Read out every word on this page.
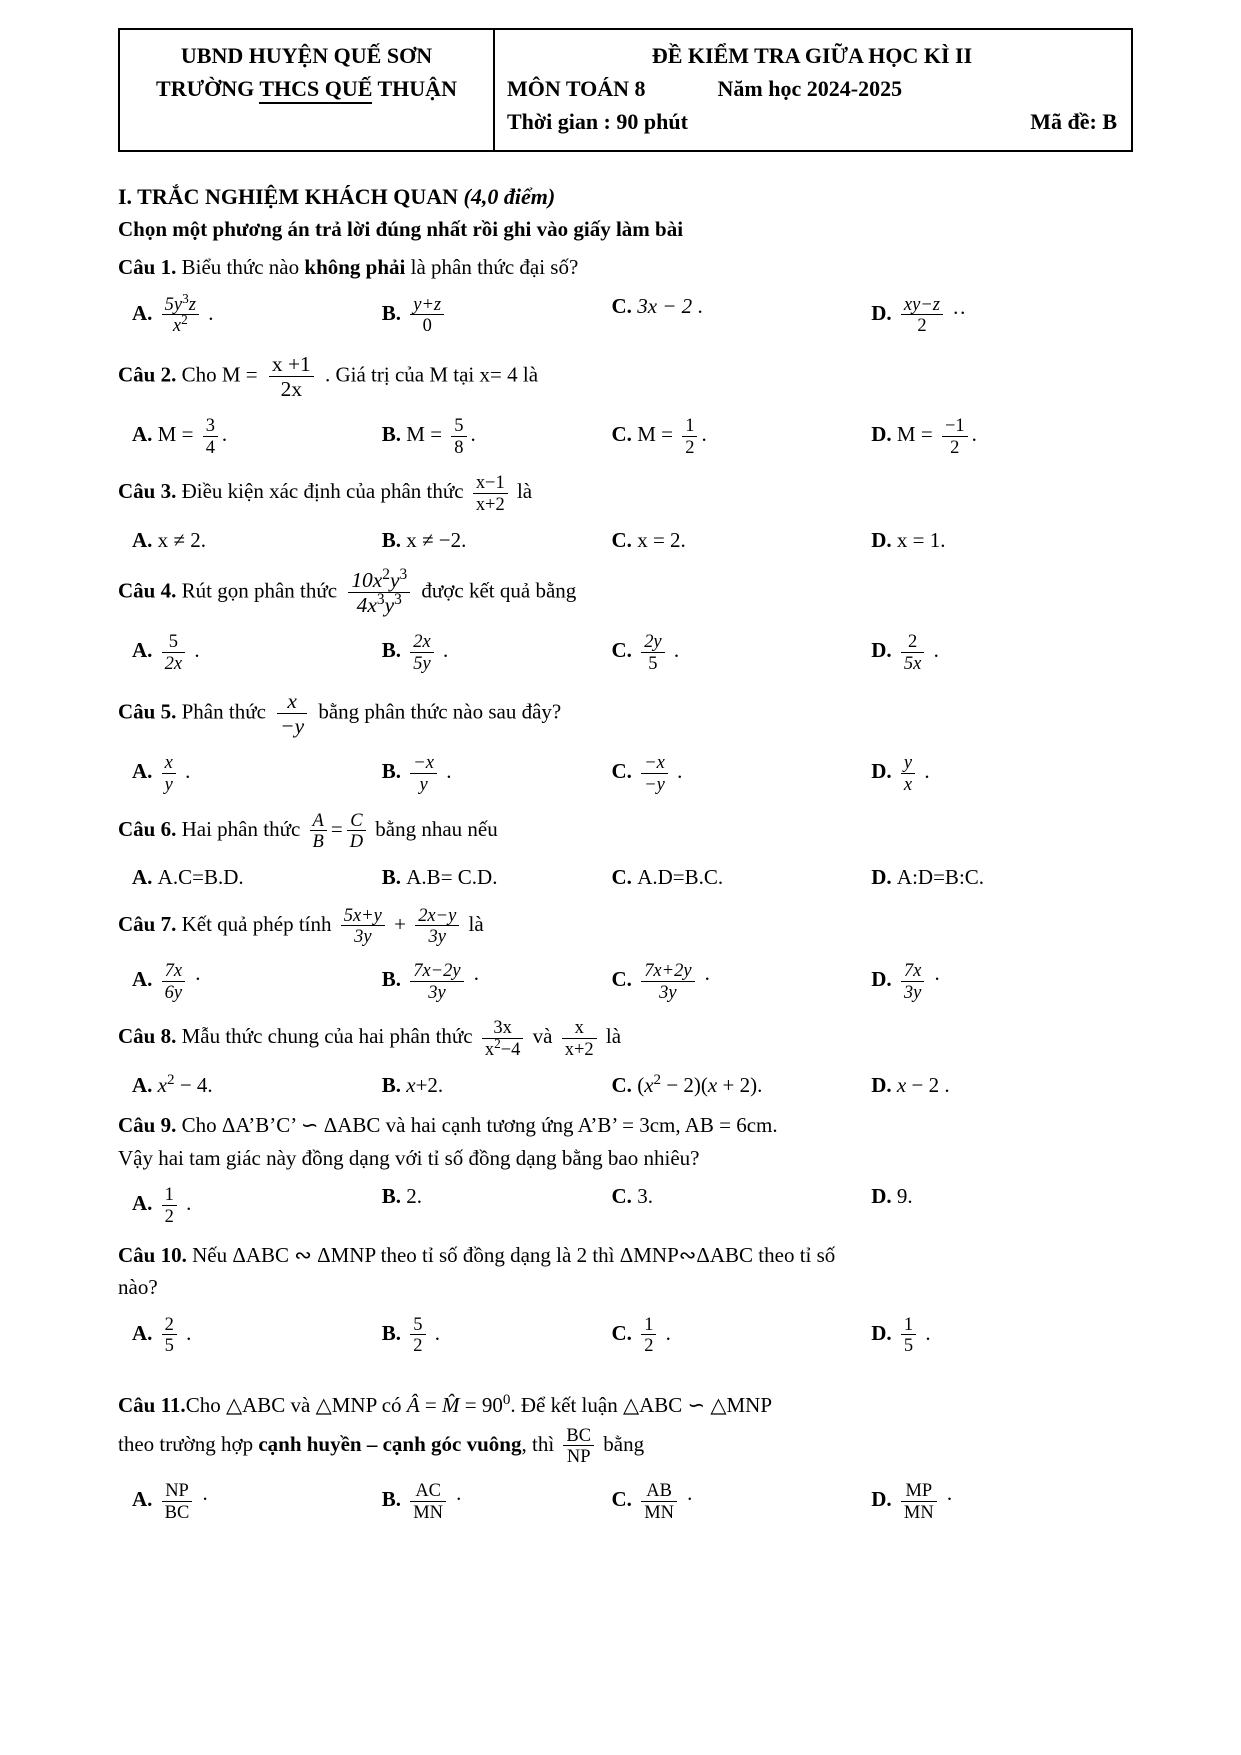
UBND HUYỆN QUẾ SƠN
TRƯỜNG THCS QUẾ THUẬN
ĐỀ KIỂM TRA GIỮA HỌC KÌ II
MÔN TOÁN 8	Năm học 2024-2025
Thời gian : 90 phút	Mã đề: B
I. TRẮC NGHIỆM KHÁCH QUAN (4,0 điểm)
Chọn một phương án trả lời đúng nhất rồi ghi vào giấy làm bài
Câu 1. Biểu thức nào không phải là phân thức đại số?
A. $\frac{5y^3z}{x^2}$ .	B. $\frac{y+z}{0}$	C. 3x − 2 .	D. $\frac{xy-z}{2}$ ··
Câu 2. Cho $M = \frac{x +1}{2x}$ . Giá trị của M tại x= 4 là
A. $M = \frac{3}{4}$ .	B. $M = \frac{5}{8}$ .	C. $M = \frac{1}{2}$ .	D. $M = \frac{-1}{2}$ .
Câu 3. Điều kiện xác định của phân thức $\frac{x-1}{x+2}$ là
A. x ≠ 2.	B. x ≠ −2.	C. x = 2.	D. x = 1.
Câu 4. Rút gọn phân thức $\frac{10x^2y^3}{4x^3y^3}$ được kết quả bằng
A. $\frac{5}{2x}$ .	B. $\frac{2x}{5y}$ .	C. $\frac{2y}{5}$ .	D. $\frac{2}{5x}$ .
Câu 5. Phân thức $\frac{x}{-y}$ bằng phân thức nào sau đây?
A. $\frac{x}{y}$ .	B. $\frac{-x}{y}$ .	C. $\frac{-x}{-y}$ .	D. $\frac{y}{x}$ .
Câu 6. Hai phân thức $\frac{A}{B} = \frac{C}{D}$ bằng nhau nếu
A. A.C=B.D.	B. A.B= C.D.	C. A.D=B.C.	D. A:D=B:C.
Câu 7. Kết quả phép tính $\frac{5x+y}{3y} + \frac{2x-y}{3y}$ là
A. $\frac{7x}{6y}$ ·	B. $\frac{7x-2y}{3y}$ ·	C. $\frac{7x+2y}{3y}$ ·	D. $\frac{7x}{3y}$ ·
Câu 8. Mẫu thức chung của hai phân thức $\frac{3x}{x^2-4}$ và $\frac{x}{x+2}$ là
A. $x^2 - 4$.	B. x+2.	C. $(x^2 - 2)(x + 2)$.	D. x − 2 .
Câu 9. Cho ΔA’B’C’ ∽ ΔABC và hai cạnh tương ứng A’B’ = 3cm, AB = 6cm.
Vậy hai tam giác này đồng dạng với tỉ số đồng dạng bằng bao nhiêu?
A. $\frac{1}{2}$ .	B. 2.	C. 3.	D. 9.
Câu 10. Nếu ΔABC ∾ ΔMNP theo tỉ số đồng dạng là 2 thì ΔMNP∾ΔABC theo tỉ số
nào?
A. $\frac{2}{5}$ .	B. $\frac{5}{2}$ .	C. $\frac{1}{2}$ .	D. $\frac{1}{5}$ .
Câu 11.Cho △ABC và △MNP có Â = M̂ = $90^0$. Để kết luận △ABC ∽ △MNP
theo trường hợp cạnh huyền – cạnh góc vuông, thì $\frac{BC}{NP}$ bằng
A. $\frac{NP}{BC}$ ·	B. $\frac{AC}{MN}$ ·	C. $\frac{AB}{MN}$ ·	D. $\frac{MP}{MN}$ ·
